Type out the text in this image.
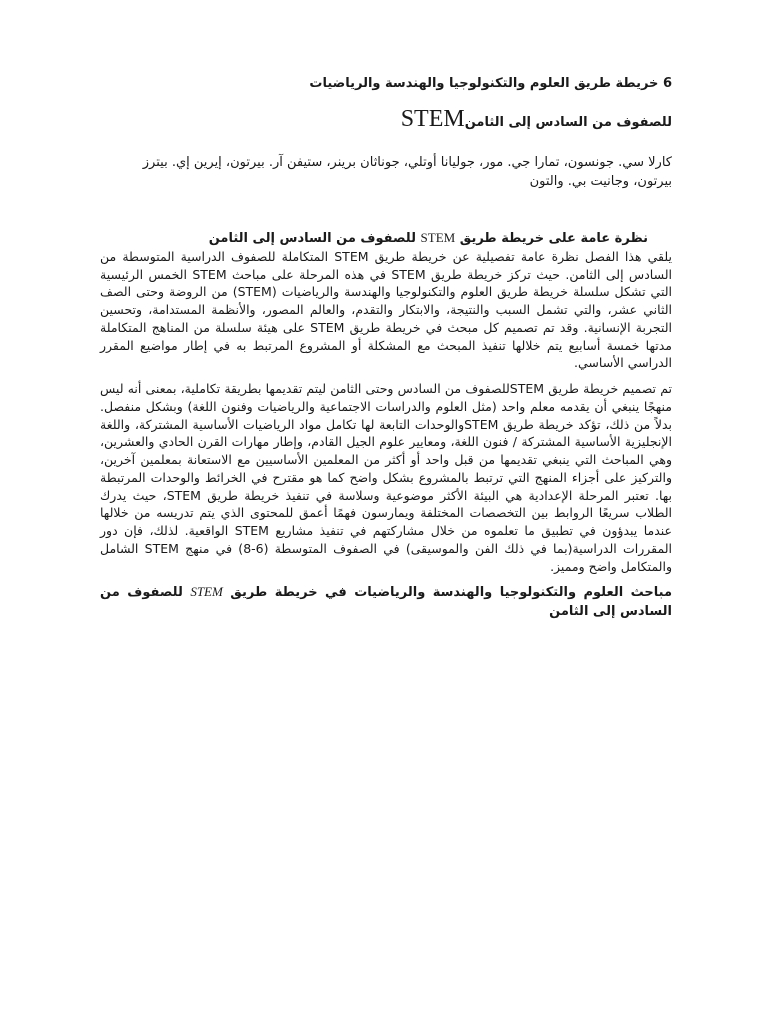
6 خريطة طريق العلوم والتكنولوجيا والهندسة والرياضيات

للصفوف من السادس إلى الثامنSTEM

كارلا سي. جونسون، تمارا جي. مور، جوليانا أوتلي، جوناثان برينر، ستيفن آر. بيرتون، إيرين إي. بيترز بيرتون، وجانيت بي. والتون

نظرة عامة على خريطة طريق STEM للصفوف من السادس إلى الثامن

يلقي هذا الفصل نظرة عامة تفصيلية عن خريطة طريق STEM المتكاملة للصفوف الدراسية المتوسطة من السادس إلى الثامن. حيث تركز خريطة طريق STEM في هذه المرحلة على مباحث STEM الخمس الرئيسية التي تشكل سلسلة خريطة طريق العلوم والتكنولوجيا والهندسة والرياضيات (STEM) من الروضة وحتى الصف الثاني عشر، والتي تشمل السبب والنتيجة، والابتكار والتقدم، والعالم المصور، والأنظمة المستدامة، وتحسين التجربة الإنسانية. وقد تم تصميم كل مبحث في خريطة طريق STEM على هيئة سلسلة من المناهج المتكاملة مدتها خمسة أسابيع يتم خلالها تنفيذ المبحث مع المشكلة أو المشروع المرتبط به في إطار مواضيع المقرر الدراسي الأساسي.

تم تصميم خريطة طريق STEMللصفوف من السادس وحتى الثامن ليتم تقديمها بطريقة تكاملية، بمعنى أنه ليس منهجًا ينبغي أن يقدمه معلم واحد (مثل العلوم والدراسات الاجتماعية والرياضيات وفنون اللغة) وبشكل منفصل. بدلاً من ذلك، تؤكد خريطة طريق STEMوالوحدات التابعة لها تكامل مواد الرياضيات الأساسية المشتركة، واللغة الإنجليزية الأساسية المشتركة / فنون اللغة، ومعايير علوم الجيل القادم، وإطار مهارات القرن الحادي والعشرين، وهي المباحث التي ينبغي تقديمها من قبل واحد أو أكثر من المعلمين الأساسيين مع الاستعانة بمعلمين آخرين، والتركيز على أجزاء المنهج التي ترتبط بالمشروع بشكل واضح كما هو مقترح في الخرائط والوحدات المرتبطة بها. تعتبر المرحلة الإعدادية هي البيئة الأكثر موضوعية وسلاسة في تنفيذ خريطة طريق STEM، حيث يدرك الطلاب سريعًا الروابط بين التخصصات المختلفة ويمارسون فهمًا أعمق للمحتوى الذي يتم تدريسه من خلالها عندما يبدؤون في تطبيق ما تعلموه من خلال مشاركتهم في تنفيذ مشاريع STEM الواقعية. لذلك، فإن دور المقررات الدراسية(بما في ذلك الفن والموسيقى) في الصفوف المتوسطة (6-8) في منهج STEM الشامل والمتكامل واضح ومميز.

مباحث العلوم والتكنولوجيا والهندسة والرياضيات في خريطة طريق STEM للصفوف من السادس إلى الثامن
